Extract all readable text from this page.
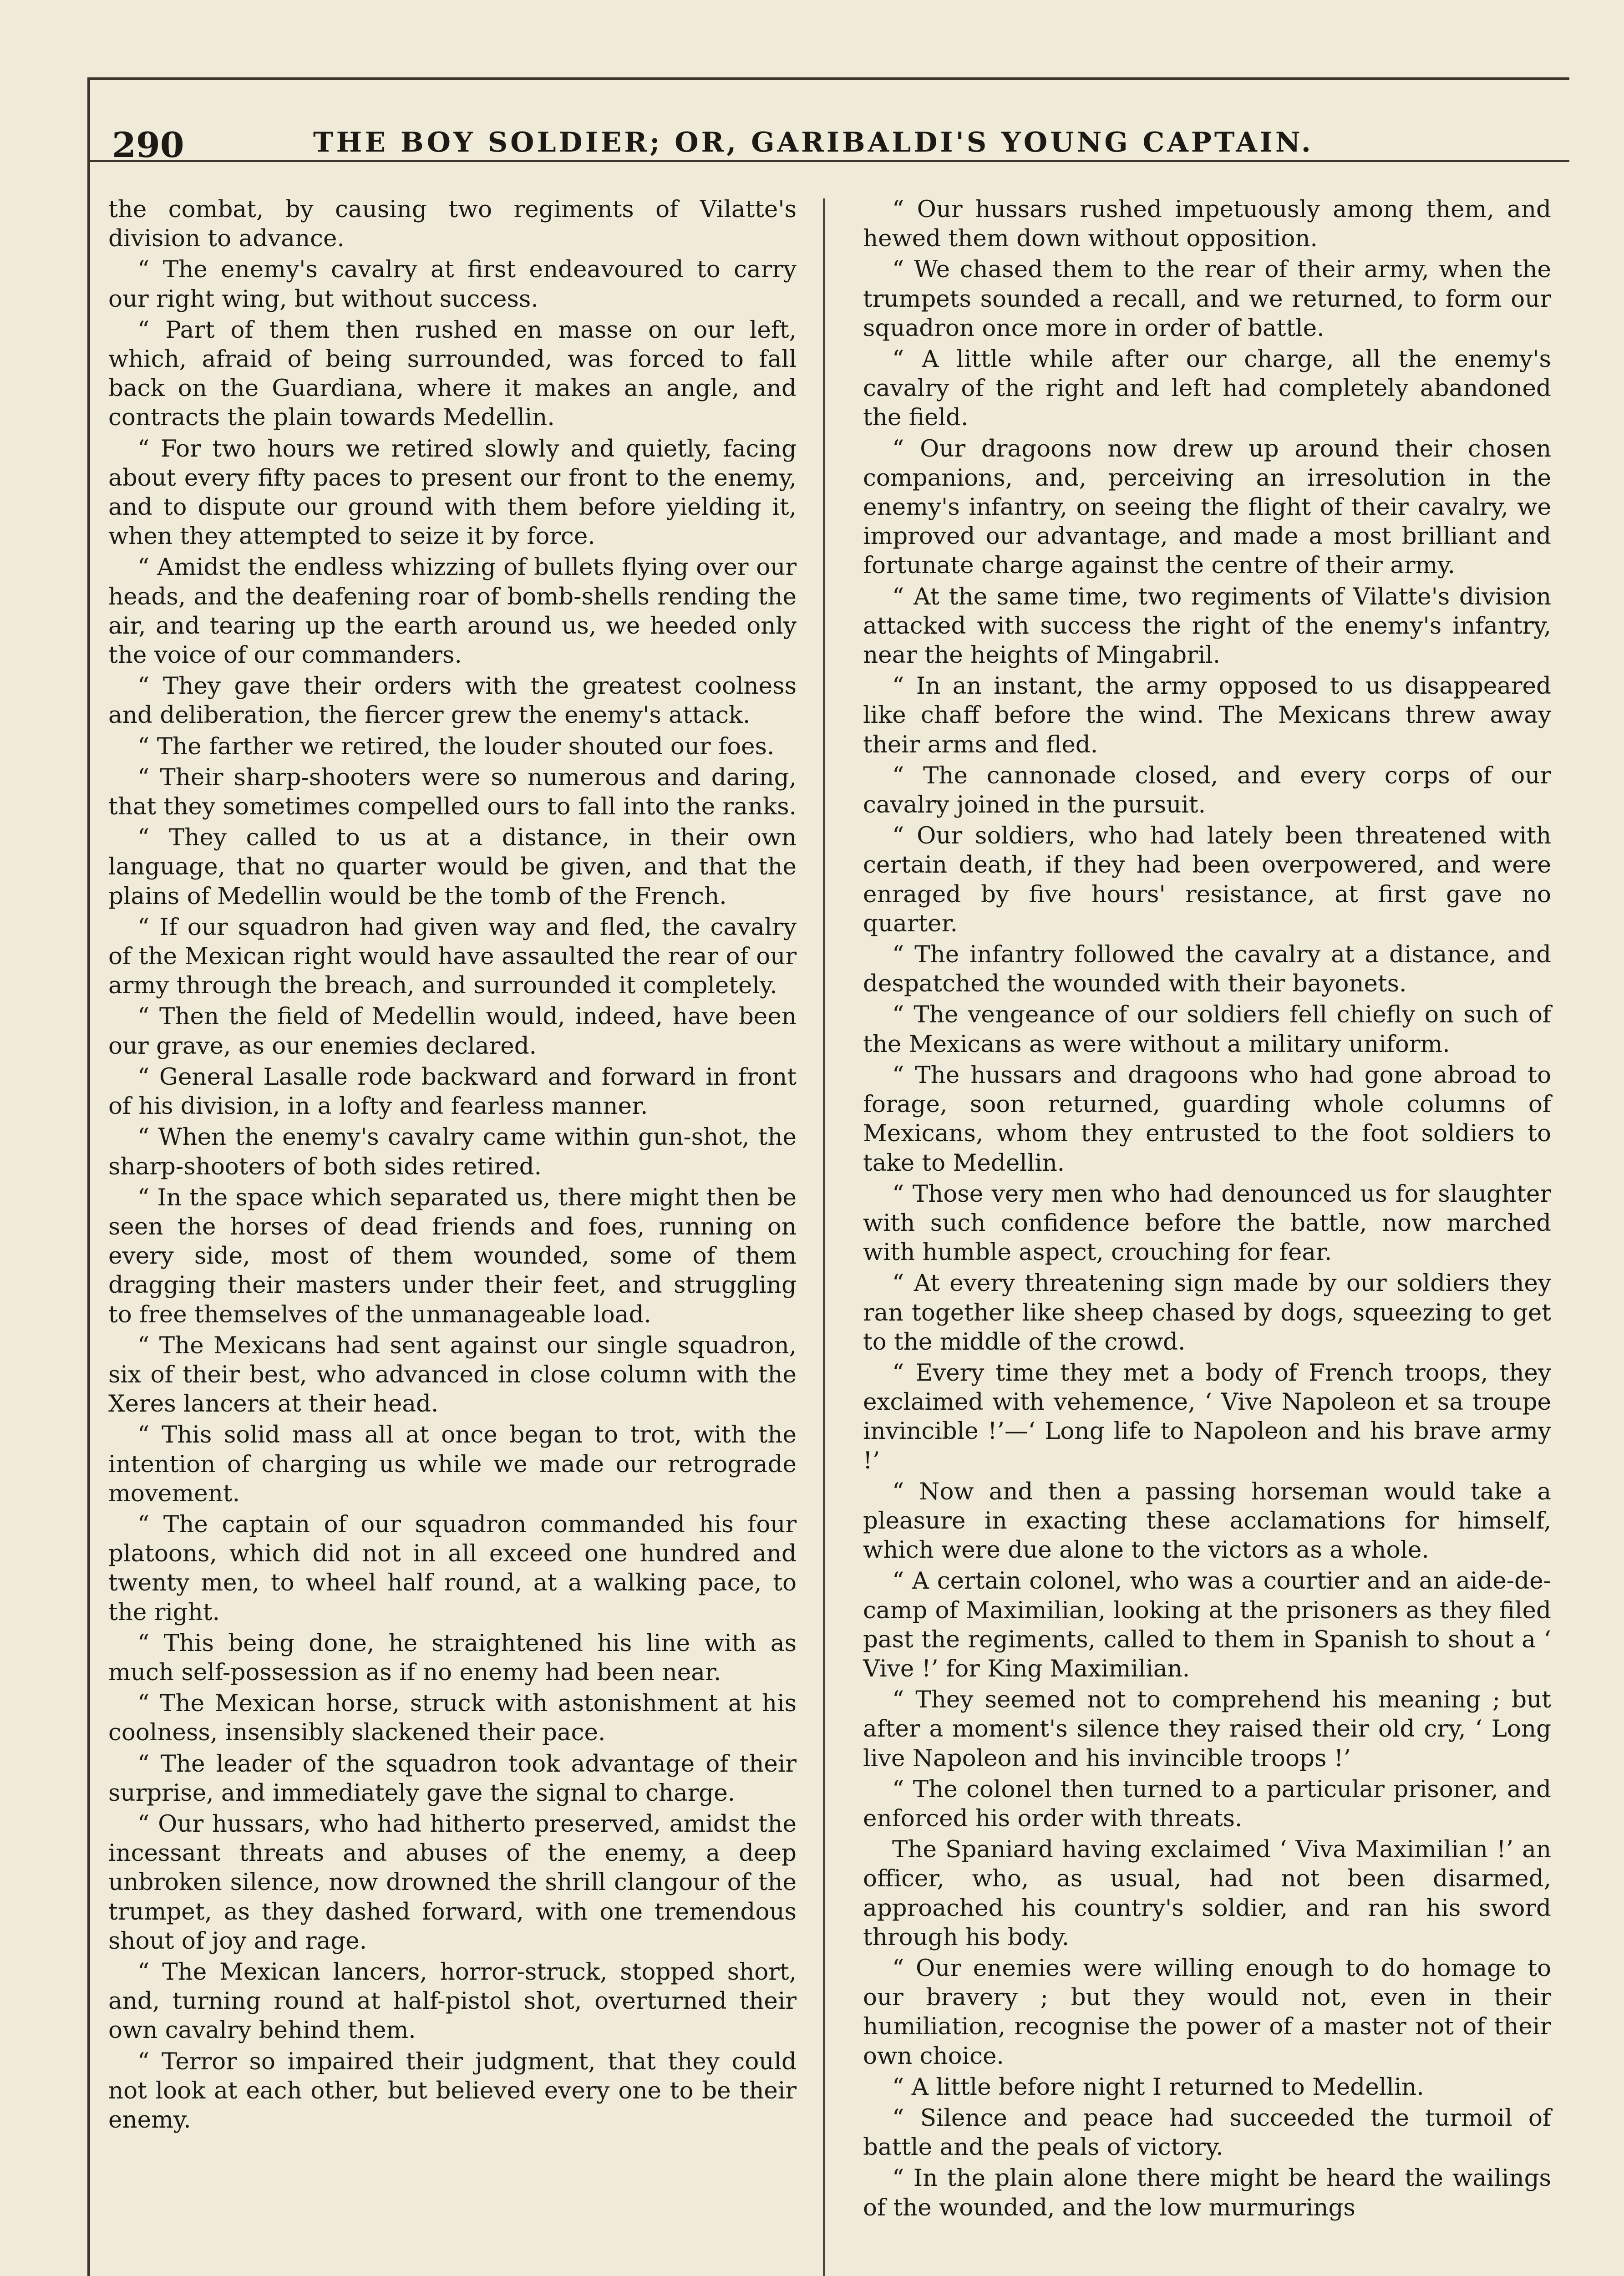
290	THE BOY SOLDIER; OR, GARIBALDI'S YOUNG CAPTAIN.

the combat, by causing two regiments of Vilatte's division to advance.

“ The enemy's cavalry at first endeavoured to carry our right wing, but without success.

“ Part of them then rushed en masse on our left, which, afraid of being surrounded, was forced to fall back on the Guardiana, where it makes an angle, and contracts the plain towards Medellin.

“ For two hours we retired slowly and quietly, facing about every fifty paces to present our front to the enemy, and to dispute our ground with them before yielding it, when they attempted to seize it by force.

“ Amidst the endless whizzing of bullets flying over our heads, and the deafening roar of bomb-shells rending the air, and tearing up the earth around us, we heeded only the voice of our commanders.

“ They gave their orders with the greatest coolness and deliberation, the fiercer grew the enemy's attack.

“ The farther we retired, the louder shouted our foes.

“ Their sharp-shooters were so numerous and daring, that they sometimes compelled ours to fall into the ranks.

“ They called to us at a distance, in their own language, that no quarter would be given, and that the plains of Medellin would be the tomb of the French.

“ If our squadron had given way and fled, the cavalry of the Mexican right would have assaulted the rear of our army through the breach, and surrounded it completely.

“ Then the field of Medellin would, indeed, have been our grave, as our enemies declared.

“ General Lasalle rode backward and forward in front of his division, in a lofty and fearless manner.

“ When the enemy's cavalry came within gun-shot, the sharp-shooters of both sides retired.

“ In the space which separated us, there might then be seen the horses of dead friends and foes, running on every side, most of them wounded, some of them dragging their masters under their feet, and struggling to free themselves of the unmanageable load.

“ The Mexicans had sent against our single squadron, six of their best, who advanced in close column with the Xeres lancers at their head.

“ This solid mass all at once began to trot, with the intention of charging us while we made our retrograde movement.

“ The captain of our squadron commanded his four platoons, which did not in all exceed one hundred and twenty men, to wheel half round, at a walking pace, to the right.

“ This being done, he straightened his line with as much self-possession as if no enemy had been near.

“ The Mexican horse, struck with astonishment at his coolness, insensibly slackened their pace.

“ The leader of the squadron took advantage of their surprise, and immediately gave the signal to charge.

“ Our hussars, who had hitherto preserved, amidst the incessant threats and abuses of the enemy, a deep unbroken silence, now drowned the shrill clangour of the trumpet, as they dashed forward, with one tremendous shout of joy and rage.

“ The Mexican lancers, horror-struck, stopped short, and, turning round at half-pistol shot, overturned their own cavalry behind them.

“ Terror so impaired their judgment, that they could not look at each other, but believed every one to be their enemy.

“ Our hussars rushed impetuously among them, and hewed them down without opposition.

“ We chased them to the rear of their army, when the trumpets sounded a recall, and we returned, to form our squadron once more in order of battle.

“ A little while after our charge, all the enemy's cavalry of the right and left had completely abandoned the field.

“ Our dragoons now drew up around their chosen companions, and, perceiving an irresolution in the enemy's infantry, on seeing the flight of their cavalry, we improved our advantage, and made a most brilliant and fortunate charge against the centre of their army.

“ At the same time, two regiments of Vilatte's division attacked with success the right of the enemy's infantry, near the heights of Mingabril.

“ In an instant, the army opposed to us disappeared like chaff before the wind. The Mexicans threw away their arms and fled.

“ The cannonade closed, and every corps of our cavalry joined in the pursuit.

“ Our soldiers, who had lately been threatened with certain death, if they had been overpowered, and were enraged by five hours' resistance, at first gave no quarter.

“ The infantry followed the cavalry at a distance, and despatched the wounded with their bayonets.

“ The vengeance of our soldiers fell chiefly on such of the Mexicans as were without a military uniform.

“ The hussars and dragoons who had gone abroad to forage, soon returned, guarding whole columns of Mexicans, whom they entrusted to the foot soldiers to take to Medellin.

“ Those very men who had denounced us for slaughter with such confidence before the battle, now marched with humble aspect, crouching for fear.

“ At every threatening sign made by our soldiers they ran together like sheep chased by dogs, squeezing to get to the middle of the crowd.

“ Every time they met a body of French troops, they exclaimed with vehemence, ‘ Vive Napoleon et sa troupe invincible !’—‘ Long life to Napoleon and his brave army !’

“ Now and then a passing horseman would take a pleasure in exacting these acclamations for himself, which were due alone to the victors as a whole.

“ A certain colonel, who was a courtier and an aide-de-camp of Maximilian, looking at the prisoners as they filed past the regiments, called to them in Spanish to shout a ‘ Vive !’ for King Maximilian.

“ They seemed not to comprehend his meaning ; but after a moment's silence they raised their old cry, ‘ Long live Napoleon and his invincible troops !’

“ The colonel then turned to a particular prisoner, and enforced his order with threats.

The Spaniard having exclaimed ‘ Viva Maximilian !’ an officer, who, as usual, had not been disarmed, approached his country's soldier, and ran his sword through his body.

“ Our enemies were willing enough to do homage to our bravery ; but they would not, even in their humiliation, recognise the power of a master not of their own choice.

“ A little before night I returned to Medellin.

“ Silence and peace had succeeded the turmoil of battle and the peals of victory.

“ In the plain alone there might be heard the wailings of the wounded, and the low murmurings
